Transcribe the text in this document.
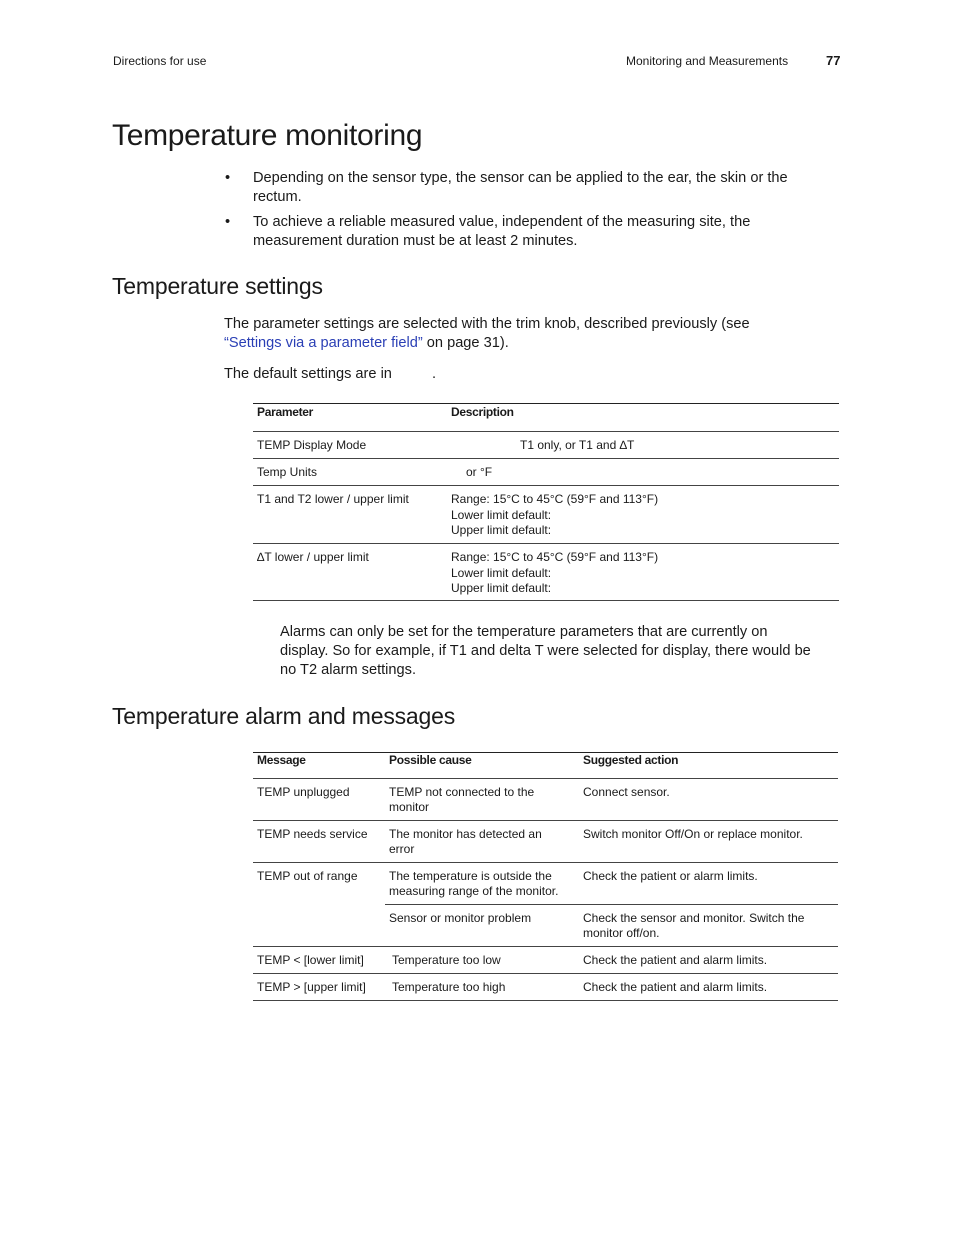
Directions for use	Monitoring and Measurements	77
Temperature monitoring
• Depending on the sensor type, the sensor can be applied to the ear, the skin or the
rectum.
• To achieve a reliable measured value, independent of the measuring site, the
measurement duration must be at least 2 minutes.
Temperature settings
The parameter settings are selected with the trim knob, described previously (see
“Settings via a parameter field” on page 31).
The default settings are in	.
Parameter	Description
TEMP Display Mode	T1 only, or T1 and ∆T
Temp Units	or °F
T1 and T2 lower / upper limit	Range: 15°C to 45°C (59°F and 113°F)
Lower limit default:
Upper limit default:

∆T lower / upper limit	Range: 15°C to 45°C (59°F and 113°F)
Lower limit default:
Upper limit default:
Alarms can only be set for the temperature parameters that are currently on
display. So for example, if T1 and delta T were selected for display, there would be
no T2 alarm settings.
Temperature alarm and messages
Message	Possible cause	Suggested action
TEMP unplugged	TEMP not connected to the
monitor	Connect sensor.

TEMP needs service	The monitor has detected an
error	Switch monitor Off/On or replace monitor.

TEMP out of range	The temperature is outside the
measuring range of the monitor.	Check the patient or alarm limits.

	Sensor or monitor problem	Check the sensor and monitor. Switch the
monitor off/on.

TEMP < [lower limit]	Temperature too low	Check the patient and alarm limits.

TEMP > [upper limit]	Temperature too high	Check the patient and alarm limits.
